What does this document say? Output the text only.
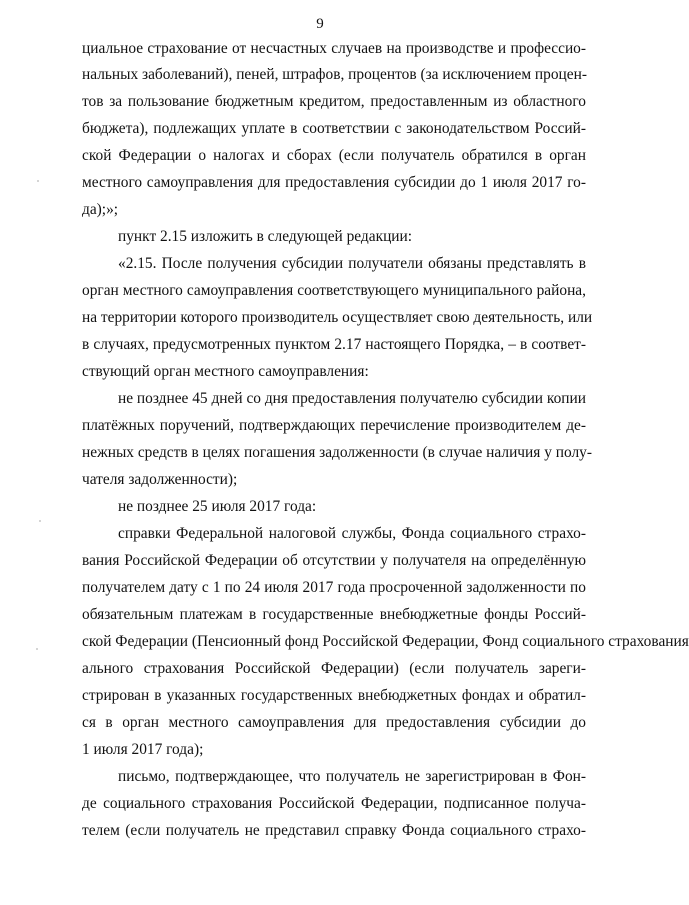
9
циальное страхование от несчастных случаев на производстве и профессио-
нальных заболеваний), пеней, штрафов, процентов (за исключением процен-
тов за пользование бюджетным кредитом, предоставленным из областного
бюджета), подлежащих уплате в соответствии с законодательством Россий-
ской Федерации о налогах и сборах (если получатель обратился в орган
местного самоуправления для предоставления субсидии до 1 июля 2017 го-
да);»;
пункт 2.15 изложить в следующей редакции:
«2.15. После получения субсидии получатели обязаны представлять в
орган местного самоуправления соответствующего муниципального района,
на территории которого производитель осуществляет свою деятельность, или
в случаях, предусмотренных пунктом 2.17 настоящего Порядка, – в соответ-
ствующий орган местного самоуправления:
не позднее 45 дней со дня предоставления получателю субсидии копии
платёжных поручений, подтверждающих перечисление производителем де-
нежных средств в целях погашения задолженности (в случае наличия у полу-
чателя задолженности);
не позднее 25 июля 2017 года:
справки Федеральной налоговой службы, Фонда социального страхо-
вания Российской Федерации об отсутствии у получателя на определённую
получателем дату с 1 по 24 июля 2017 года просроченной задолженности по
обязательным платежам в государственные внебюджетные фонды Россий-
ской Федерации (Пенсионный фонд Российской Федерации, Фонд социального страхования
ального страхования Российской Федерации) (если получатель зареги-
стрирован в указанных государственных внебюджетных фондах и обратил-
ся в орган местного самоуправления для предоставления субсидии до
1 июля 2017 года);
письмо, подтверждающее, что получатель не зарегистрирован в Фон-
де социального страхования Российской Федерации, подписанное получа-
телем (если получатель не представил справку Фонда социального страхо-
